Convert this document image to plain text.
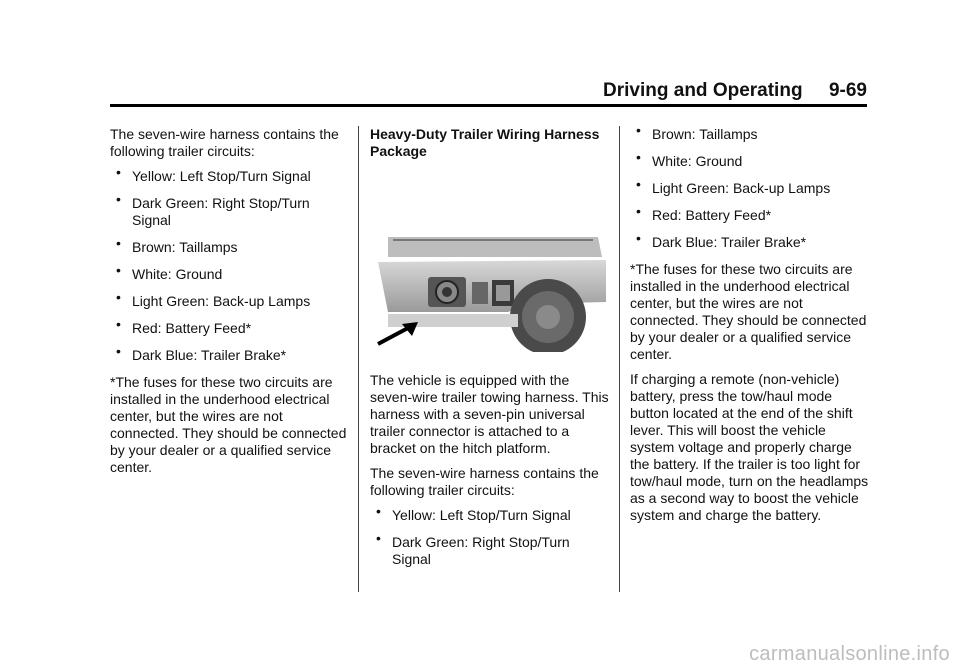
Driving and Operating 9-69

The seven-wire harness contains the following trailer circuits:

• Yellow: Left Stop/Turn Signal
• Dark Green: Right Stop/Turn Signal
• Brown: Taillamps
• White: Ground
• Light Green: Back-up Lamps
• Red: Battery Feed*
• Dark Blue: Trailer Brake*

*The fuses for these two circuits are installed in the underhood electrical center, but the wires are not connected. They should be connected by your dealer or a qualified service center.

Heavy-Duty Trailer Wiring Harness Package

The vehicle is equipped with the seven-wire trailer towing harness. This harness with a seven-pin universal trailer connector is attached to a bracket on the hitch platform.

The seven-wire harness contains the following trailer circuits:

• Yellow: Left Stop/Turn Signal
• Dark Green: Right Stop/Turn Signal
• Brown: Taillamps
• White: Ground
• Light Green: Back-up Lamps
• Red: Battery Feed*
• Dark Blue: Trailer Brake*

*The fuses for these two circuits are installed in the underhood electrical center, but the wires are not connected. They should be connected by your dealer or a qualified service center.

If charging a remote (non-vehicle) battery, press the tow/haul mode button located at the end of the shift lever. This will boost the vehicle system voltage and properly charge the battery. If the trailer is too light for tow/haul mode, turn on the headlamps as a second way to boost the vehicle system and charge the battery.

carmanualsonline.info
